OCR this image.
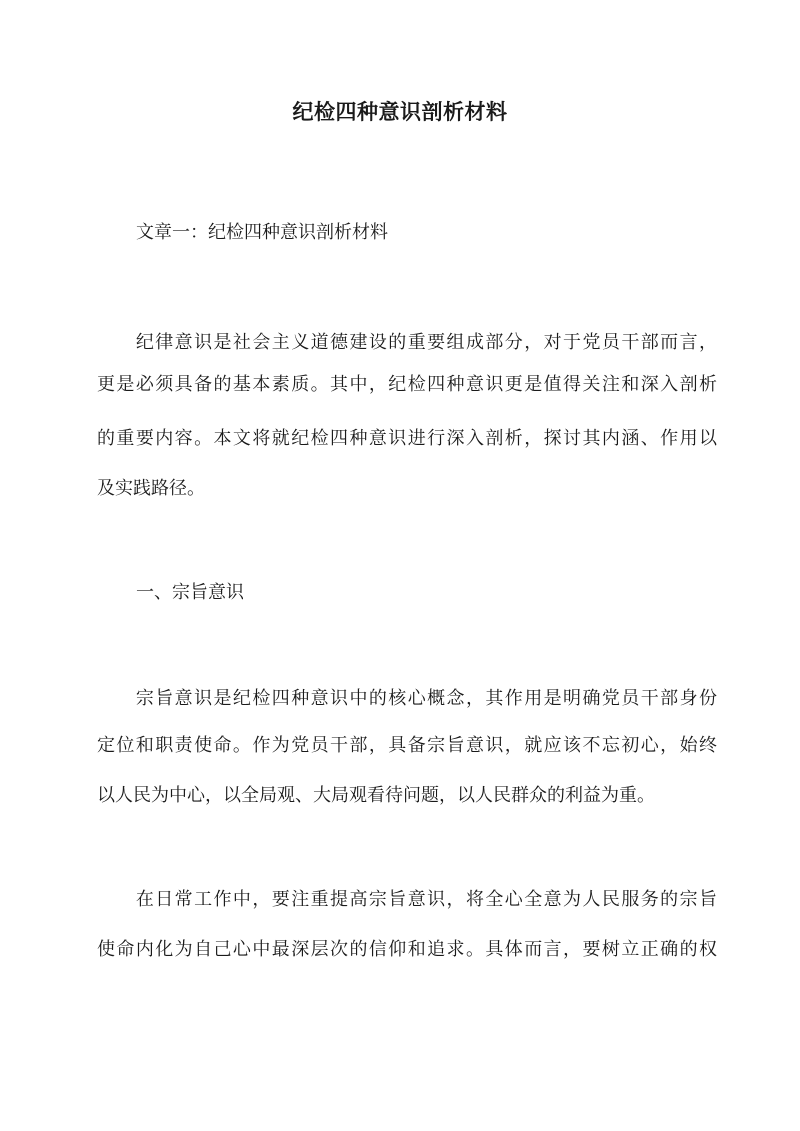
纪检四种意识剖析材料
文章一：纪检四种意识剖析材料
　　纪律意识是社会主义道德建设的重要组成部分，对于党员干部而言，
更是必须具备的基本素质。其中，纪检四种意识更是值得关注和深入剖析
的重要内容。本文将就纪检四种意识进行深入剖析，探讨其内涵、作用以
及实践路径。
一、宗旨意识
　　宗旨意识是纪检四种意识中的核心概念，其作用是明确党员干部身份
定位和职责使命。作为党员干部，具备宗旨意识，就应该不忘初心，始终
以人民为中心，以全局观、大局观看待问题，以人民群众的利益为重。
　　在日常工作中，要注重提高宗旨意识，将全心全意为人民服务的宗旨
使命内化为自己心中最深层次的信仰和追求。具体而言，要树立正确的权
